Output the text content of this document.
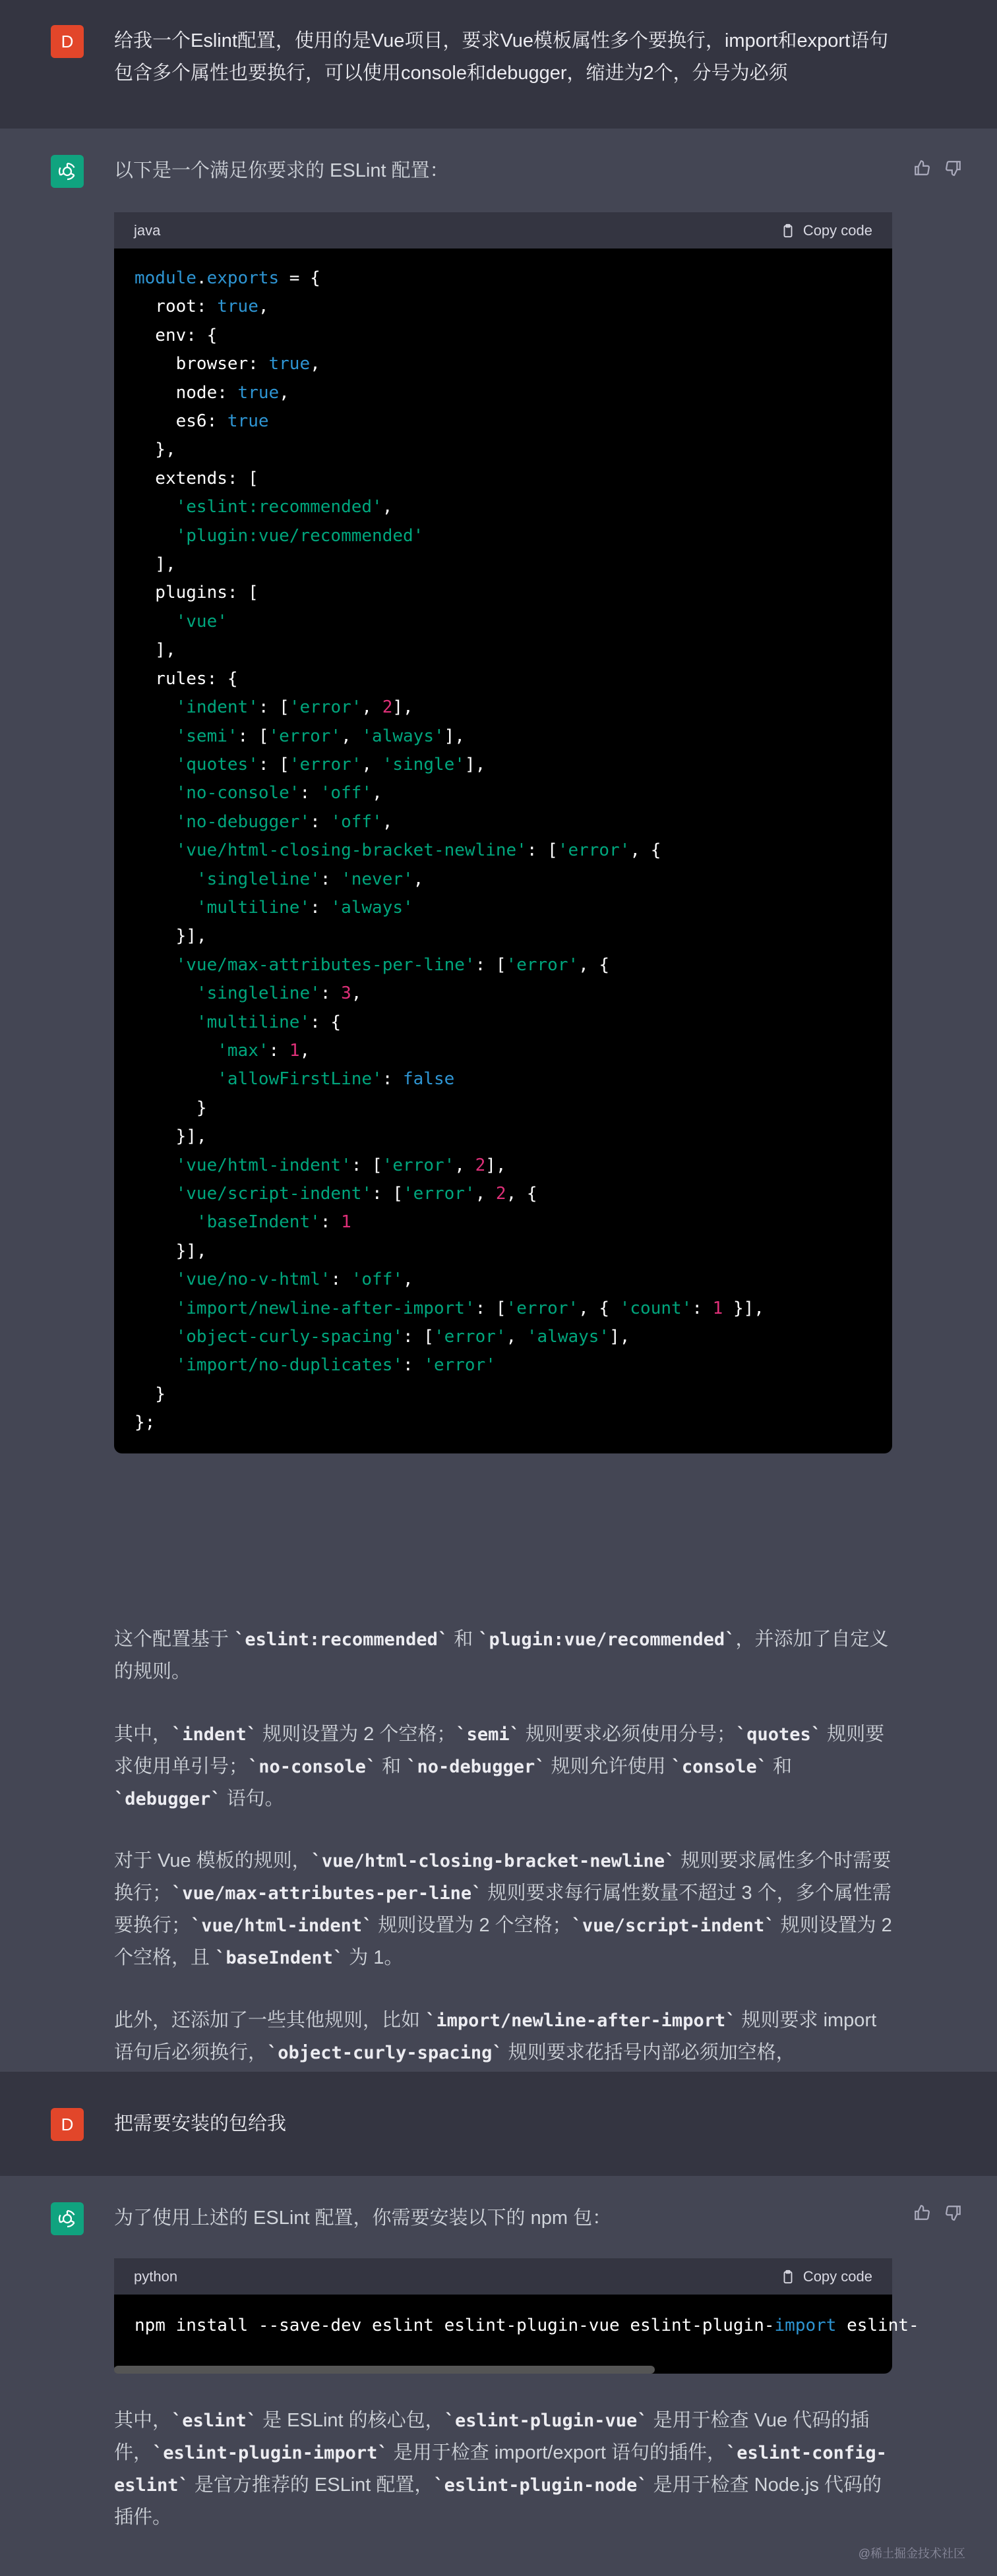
D 给我一个Eslint配置，使用的是Vue项目，要求Vue模板属性多个要换行，import和export语句包含多个属性也要换行，可以使用console和debugger，缩进为2个，分号为必须

以下是一个满足你要求的 ESLint 配置：

java	Copy code
module.exports = {
root: true,
env: {
browser: true,
node: true,
es6: true
},
extends: [
'eslint:recommended',
'plugin:vue/recommended'
],
plugins: [
'vue'
],
rules: {
'indent': ['error', 2],
'semi': ['error', 'always'],
'quotes': ['error', 'single'],
'no-console': 'off',
'no-debugger': 'off',
'vue/html-closing-bracket-newline': ['error', {
'singleline': 'never',
'multiline': 'always'
}],
'vue/max-attributes-per-line': ['error', {
'singleline': 3,
'multiline': {
'max': 1,
'allowFirstLine': false
}
}],
'vue/html-indent': ['error', 2],
'vue/script-indent': ['error', 2, {
'baseIndent': 1
}],
'vue/no-v-html': 'off',
'import/newline-after-import': ['error', { 'count': 1 }],
'object-curly-spacing': ['error', 'always'],
'import/no-duplicates': 'error'
}
};

这个配置基于 `eslint:recommended` 和 `plugin:vue/recommended`，并添加了自定义的规则。

其中，`indent` 规则设置为 2 个空格；`semi` 规则要求必须使用分号；`quotes` 规则要求使用单引号；`no-console` 和 `no-debugger` 规则允许使用 `console` 和 `debugger` 语句。

对于 Vue 模板的规则，`vue/html-closing-bracket-newline` 规则要求属性多个时需要换行；`vue/max-attributes-per-line` 规则要求每行属性数量不超过 3 个，多个属性需要换行；`vue/html-indent` 规则设置为 2 个空格；`vue/script-indent` 规则设置为 2 个空格，且 `baseIndent` 为 1。

此外，还添加了一些其他规则，比如 `import/newline-after-import` 规则要求 import 语句后必须换行，`object-curly-spacing` 规则要求花括号内部必须加空格，

D 把需要安装的包给我

为了使用上述的 ESLint 配置，你需要安装以下的 npm 包：

python	Copy code
npm install --save-dev eslint eslint-plugin-vue eslint-plugin-import eslint-

其中，`eslint` 是 ESLint 的核心包，`eslint-plugin-vue` 是用于检查 Vue 代码的插件，`eslint-plugin-import` 是用于检查 import/export 语句的插件，`eslint-config-eslint` 是官方推荐的 ESLint 配置，`eslint-plugin-node` 是用于检查 Node.js 代码的插件。

@稀土掘金技术社区
